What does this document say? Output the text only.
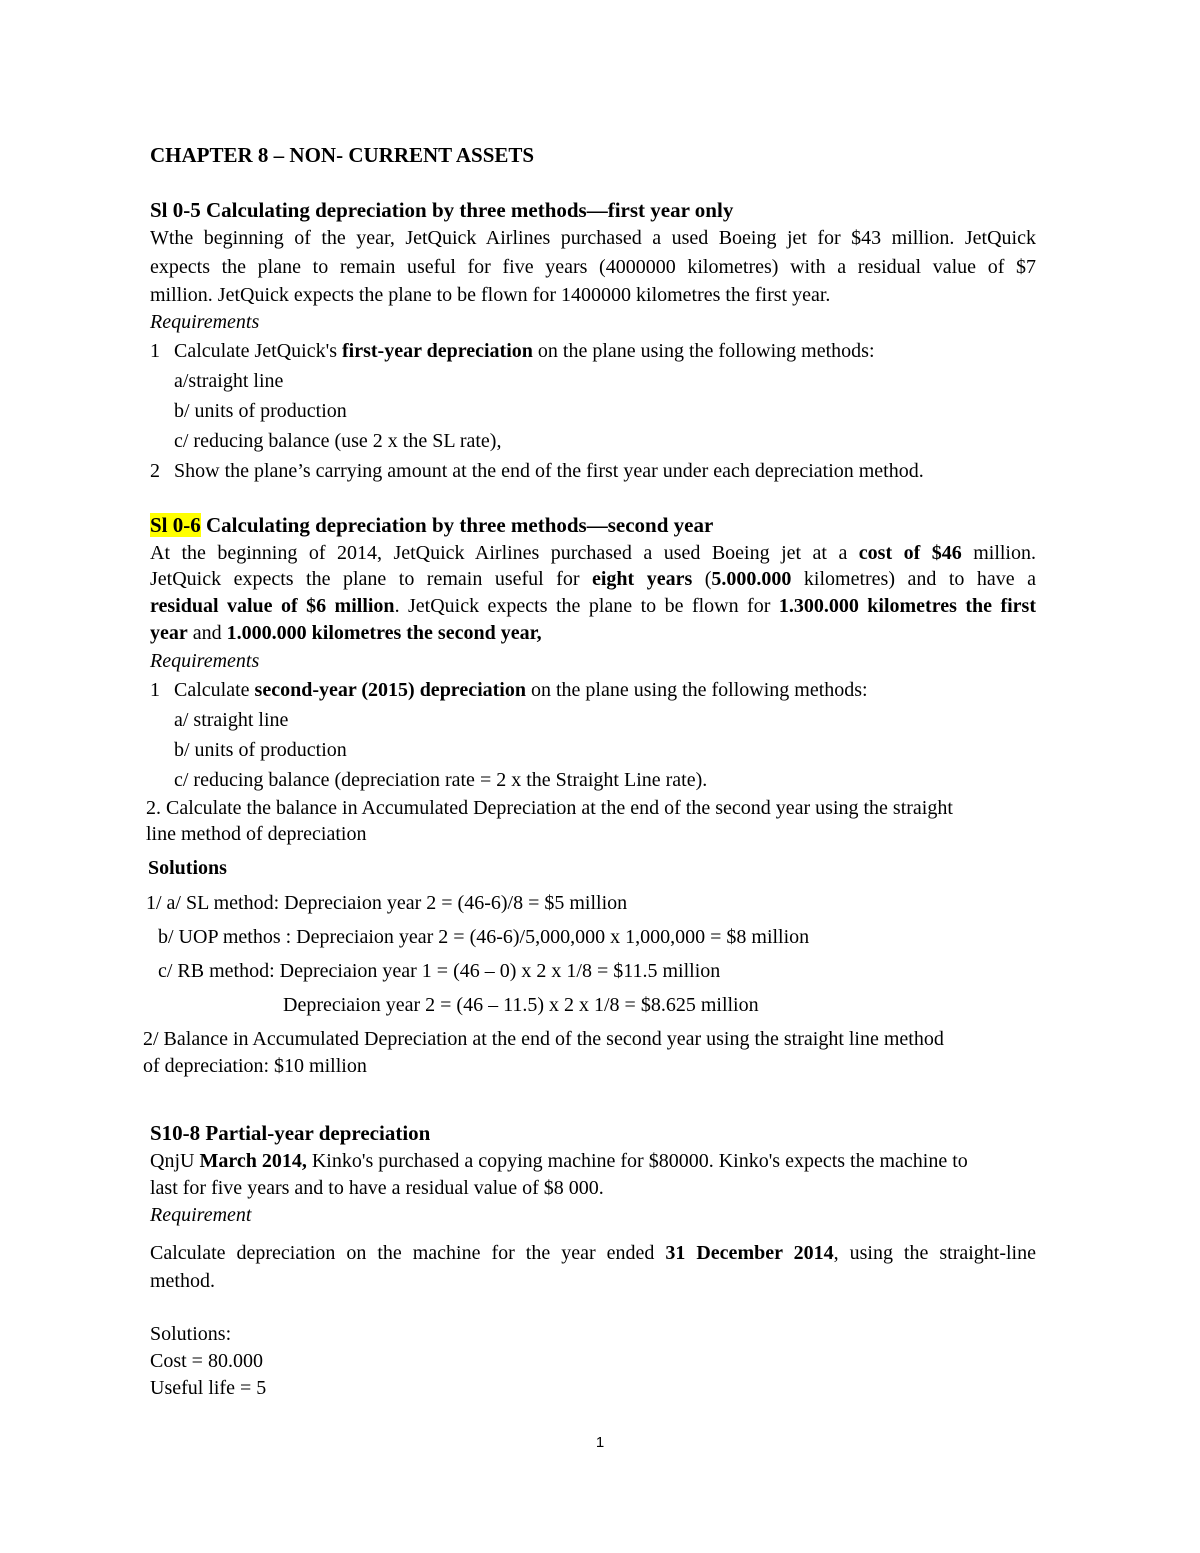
CHAPTER 8 – NON- CURRENT ASSETS
Sl 0-5 Calculating depreciation by three methods—first year only
Wthe beginning of the year, JetQuick Airlines purchased a used Boeing jet for $43 million. JetQuick
expects the plane to remain useful for five years (4000000 kilometres) with a residual value of $7
million. JetQuick expects the plane to be flown for 1400000 kilometres the first year.
Requirements
1 Calculate JetQuick's first-year depreciation on the plane using the following methods:
a/straight line
b/ units of production
c/ reducing balance (use 2 x the SL rate),
2 Show the plane’s carrying amount at the end of the first year under each depreciation method.
Sl 0-6 Calculating depreciation by three methods—second year
At the beginning of 2014, JetQuick Airlines purchased a used Boeing jet at a cost of $46 million.
JetQuick expects the plane to remain useful for eight years (5.000.000 kilometres) and to have a
residual value of $6 million. JetQuick expects the plane to be flown for 1.300.000 kilometres the first
year and 1.000.000 kilometres the second year,
Requirements
1 Calculate second-year (2015) depreciation on the plane using the following methods:
a/ straight line
b/ units of production
c/ reducing balance (depreciation rate = 2 x the Straight Line rate).
2. Calculate the balance in Accumulated Depreciation at the end of the second year using the straight
line method of depreciation
Solutions
1/ a/ SL method: Depreciaion year 2 = (46-6)/8 = $5 million
b/ UOP methos : Depreciaion year 2 = (46-6)/5,000,000 x 1,000,000 = $8 million
c/ RB method: Depreciaion year 1 = (46 – 0) x 2 x 1/8 = $11.5 million
Depreciaion year 2 = (46 – 11.5) x 2 x 1/8 = $8.625 million
2/ Balance in Accumulated Depreciation at the end of the second year using the straight line method
of depreciation: $10 million
S10-8 Partial-year depreciation
QnjU March 2014, Kinko's purchased a copying machine for $80000. Kinko's expects the machine to
last for five years and to have a residual value of $8 000.
Requirement
Calculate depreciation on the machine for the year ended 31 December 2014, using the straight-line
method.
Solutions:
Cost = 80.000
Useful life = 5
1
